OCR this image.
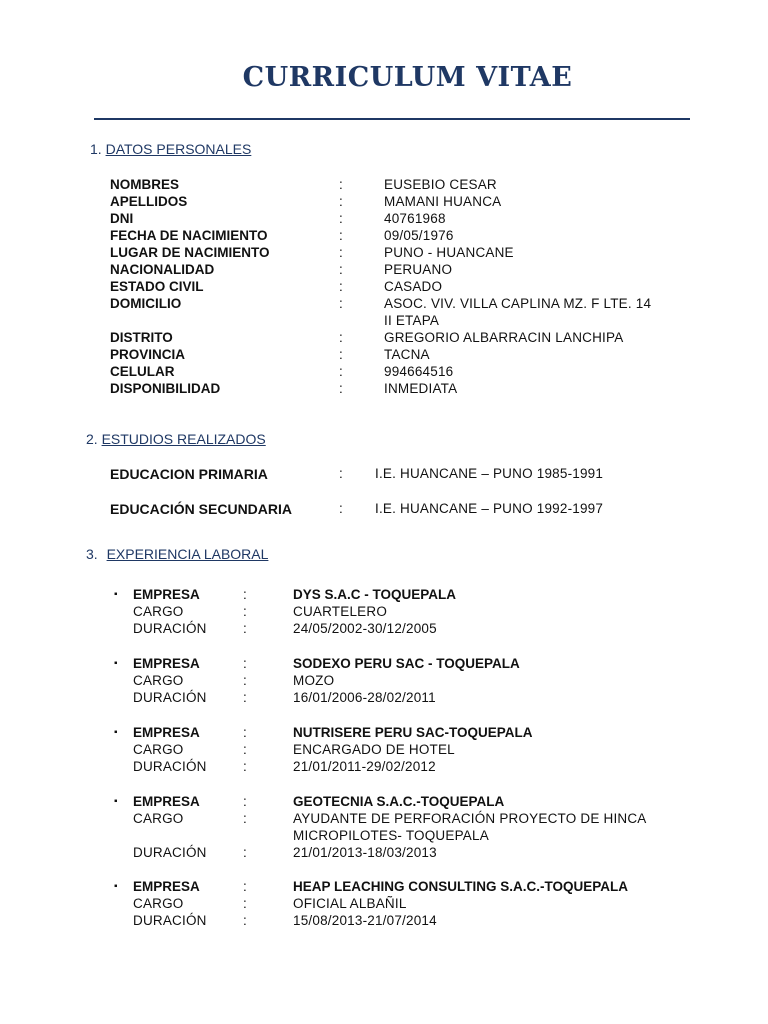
CURRICULUM VITAE
1. DATOS PERSONALES
NOMBRES	:	EUSEBIO CESAR
APELLIDOS	:	MAMANI HUANCA
DNI	:	40761968
FECHA DE NACIMIENTO	:	09/05/1976
LUGAR DE NACIMIENTO	:	PUNO - HUANCANE
NACIONALIDAD	:	PERUANO
ESTADO CIVIL	:	CASADO
DOMICILIO	:	ASOC. VIV. VILLA CAPLINA MZ. F LTE. 14
II ETAPA
DISTRITO	:	GREGORIO ALBARRACIN LANCHIPA
PROVINCIA	:	TACNA
CELULAR	:	994664516
DISPONIBILIDAD	:	INMEDIATA
2. ESTUDIOS REALIZADOS
EDUCACION PRIMARIA	: I.E. HUANCANE – PUNO 1985-1991
EDUCACIÓN SECUNDARIA	: I.E. HUANCANE – PUNO 1992-1997
3. EXPERIENCIA LABORAL
▪ EMPRESA	:	DYS S.A.C - TOQUEPALA
CARGO	:	CUARTELERO
DURACIÓN	:	24/05/2002-30/12/2005
▪ EMPRESA	:	SODEXO PERU SAC - TOQUEPALA
CARGO	:	MOZO
DURACIÓN	:	16/01/2006-28/02/2011
▪ EMPRESA	:	NUTRISERE PERU SAC-TOQUEPALA
CARGO	:	ENCARGADO DE HOTEL
DURACIÓN	:	21/01/2011-29/02/2012
▪ EMPRESA	:	GEOTECNIA S.A.C.-TOQUEPALA
CARGO	:	AYUDANTE DE PERFORACIÓN PROYECTO DE HINCA
MICROPILOTES- TOQUEPALA
DURACIÓN	:	21/01/2013-18/03/2013
▪ EMPRESA	:	HEAP LEACHING CONSULTING S.A.C.-TOQUEPALA
CARGO	:	OFICIAL ALBAÑIL
DURACIÓN	:	15/08/2013-21/07/2014
